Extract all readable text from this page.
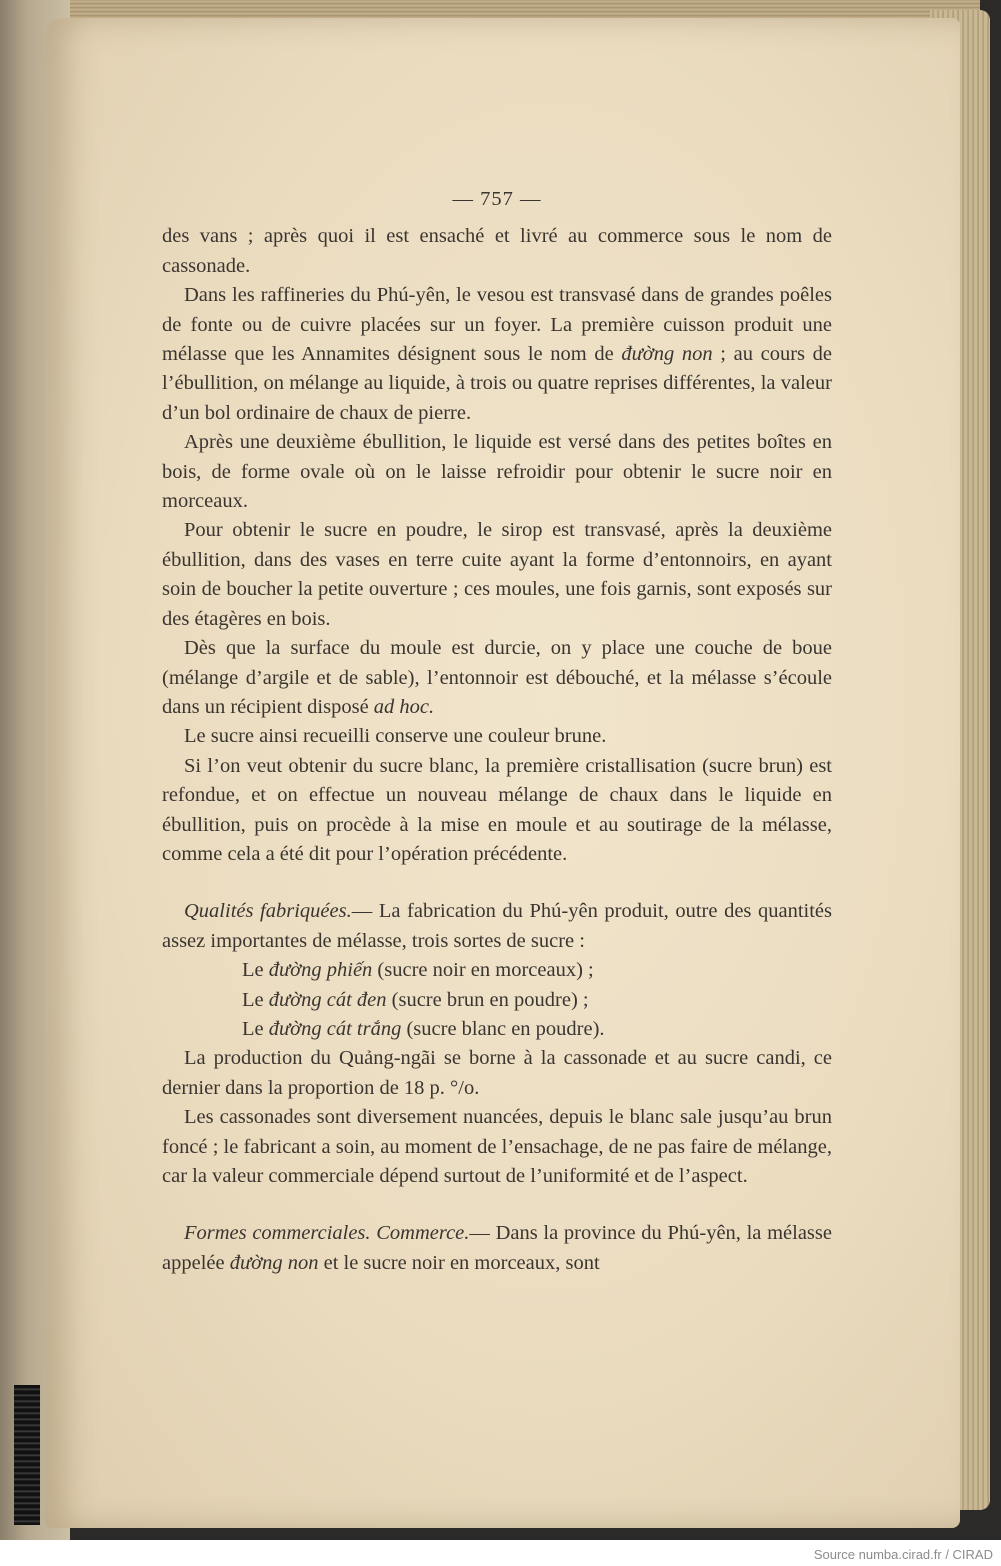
— 757 —

des vans ; après quoi il est ensaché et livré au commerce sous le nom de cassonade.

Dans les raffineries du Phú-yên, le vesou est transvasé dans de grandes poêles de fonte ou de cuivre placées sur un foyer. La première cuisson produit une mélasse que les Annamites désignent sous le nom de đường non ; au cours de l’ébullition, on mélange au liquide, à trois ou quatre reprises différentes, la valeur d’un bol ordinaire de chaux de pierre.

Après une deuxième ébullition, le liquide est versé dans des petites boîtes en bois, de forme ovale où on le laisse refroidir pour obtenir le sucre noir en morceaux.

Pour obtenir le sucre en poudre, le sirop est transvasé, après la deuxième ébullition, dans des vases en terre cuite ayant la forme d’entonnoirs, en ayant soin de boucher la petite ouverture ; ces moules, une fois garnis, sont exposés sur des étagères en bois.

Dès que la surface du moule est durcie, on y place une couche de boue (mélange d’argile et de sable), l’entonnoir est débouché, et la mélasse s’écoule dans un récipient disposé ad hoc.

Le sucre ainsi recueilli conserve une couleur brune.

Si l’on veut obtenir du sucre blanc, la première cristallisation (sucre brun) est refondue, et on effectue un nouveau mélange de chaux dans le liquide en ébullition, puis on procède à la mise en moule et au soutirage de la mélasse, comme cela a été dit pour l’opération précédente.

Qualités fabriquées.— La fabrication du Phú-yên produit, outre des quantités assez importantes de mélasse, trois sortes de sucre :

Le đường phiến (sucre noir en morceaux) ;
Le đường cát đen (sucre brun en poudre) ;
Le đường cát trắng (sucre blanc en poudre).

La production du Quảng-ngãi se borne à la cassonade et au sucre candi, ce dernier dans la proportion de 18 p. °/o.

Les cassonades sont diversement nuancées, depuis le blanc sale jusqu’au brun foncé ; le fabricant a soin, au moment de l’ensachage, de ne pas faire de mélange, car la valeur commerciale dépend surtout de l’uniformité et de l’aspect.

Formes commerciales. Commerce.— Dans la province du Phú-yên, la mélasse appelée đường non et le sucre noir en morceaux, sont

Source numba.cirad.fr / CIRAD
